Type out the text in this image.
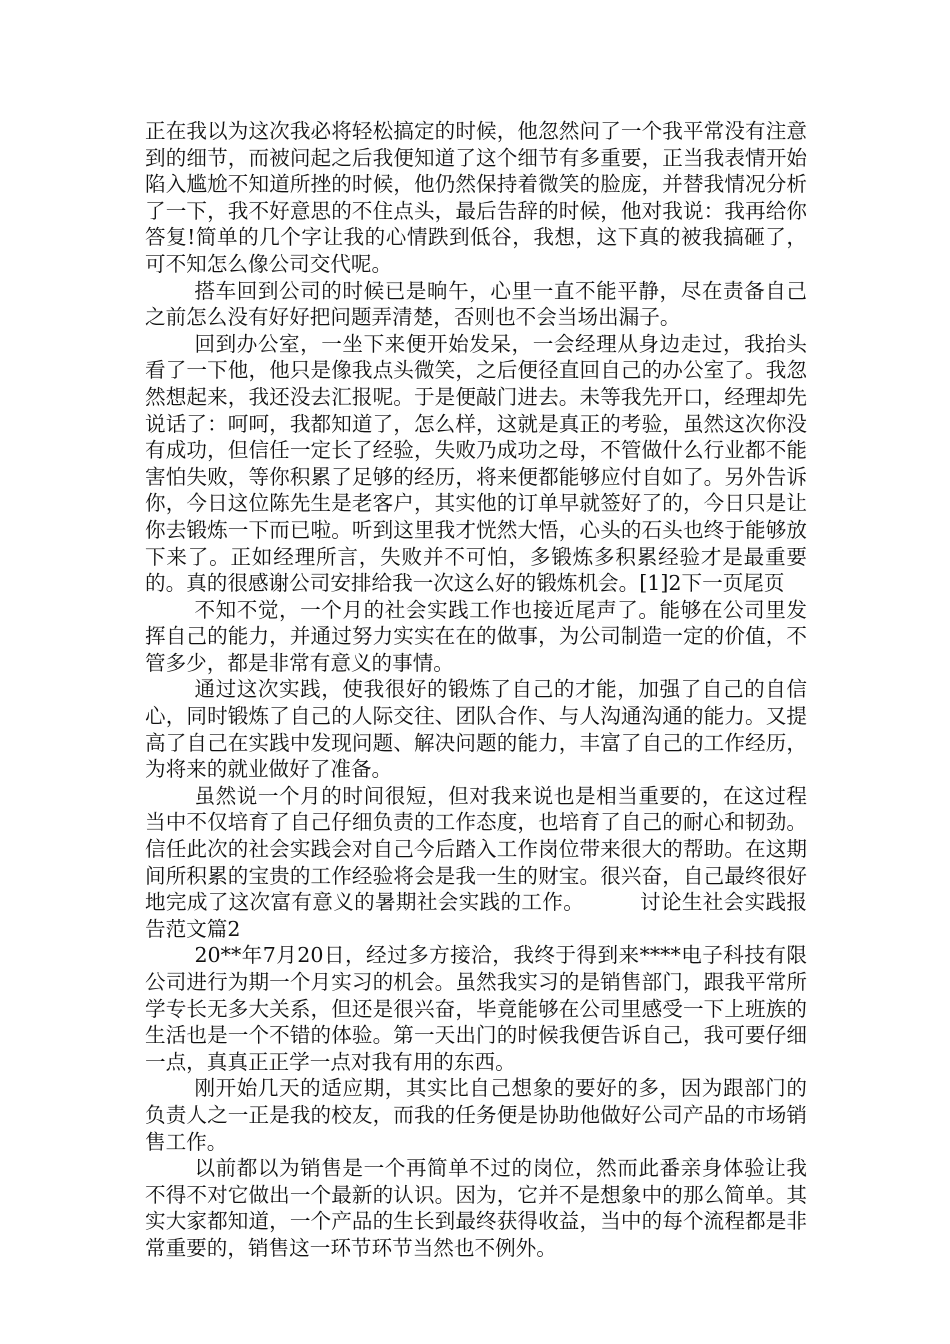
正在我以为这次我必将轻松搞定的时候，他忽然问了一个我平常没有注意到的细节，而被问起之后我便知道了这个细节有多重要，正当我表情开始陷入尴尬不知道所挫的时候，他仍然保持着微笑的脸庞，并替我情况分析了一下，我不好意思的不住点头，最后告辞的时候，他对我说：我再给你答复!简单的几个字让我的心情跌到低谷，我想，这下真的被我搞砸了，可不知怎么像公司交代呢。

搭车回到公司的时候已是晌午，心里一直不能平静，尽在责备自己之前怎么没有好好把问题弄清楚，否则也不会当场出漏子。

回到办公室，一坐下来便开始发呆，一会经理从身边走过，我抬头看了一下他，他只是像我点头微笑，之后便径直回自己的办公室了。我忽然想起来，我还没去汇报呢。于是便敲门进去。未等我先开口，经理却先说话了：呵呵，我都知道了，怎么样，这就是真正的考验，虽然这次你没有成功，但信任一定长了经验，失败乃成功之母，不管做什么行业都不能害怕失败，等你积累了足够的经历，将来便都能够应付自如了。另外告诉你，今日这位陈先生是老客户，其实他的订单早就签好了的，今日只是让你去锻炼一下而已啦。听到这里我才恍然大悟，心头的石头也终于能够放下来了。正如经理所言，失败并不可怕，多锻炼多积累经验才是最重要的。真的很感谢公司安排给我一次这么好的锻炼机会。[1]2下一页尾页

不知不觉，一个月的社会实践工作也接近尾声了。能够在公司里发挥自己的能力，并通过努力实实在在的做事，为公司制造一定的价值，不管多少，都是非常有意义的事情。

通过这次实践，使我很好的锻炼了自己的才能，加强了自己的自信心，同时锻炼了自己的人际交往、团队合作、与人沟通沟通的能力。又提高了自己在实践中发现问题、解决问题的能力，丰富了自己的工作经历，为将来的就业做好了准备。

虽然说一个月的时间很短，但对我来说也是相当重要的，在这过程当中不仅培育了自己仔细负责的工作态度，也培育了自己的耐心和韧劲。信任此次的社会实践会对自己今后踏入工作岗位带来很大的帮助。在这期间所积累的宝贵的工作经验将会是我一生的财宝。很兴奋，自己最终很好地完成了这次富有意义的暑期社会实践的工作。	讨论生社会实践报告范文篇2

20**年7月20日，经过多方接洽，我终于得到来****电子科技有限公司进行为期一个月实习的机会。虽然我实习的是销售部门，跟我平常所学专长无多大关系，但还是很兴奋，毕竟能够在公司里感受一下上班族的生活也是一个不错的体验。第一天出门的时候我便告诉自己，我可要仔细一点，真真正正学一点对我有用的东西。

刚开始几天的适应期，其实比自己想象的要好的多，因为跟部门的负责人之一正是我的校友，而我的任务便是协助他做好公司产品的市场销售工作。

以前都以为销售是一个再简单不过的岗位，然而此番亲身体验让我不得不对它做出一个最新的认识。因为，它并不是想象中的那么简单。其实大家都知道，一个产品的生长到最终获得收益，当中的每个流程都是非常重要的，销售这一环节环节当然也不例外。
